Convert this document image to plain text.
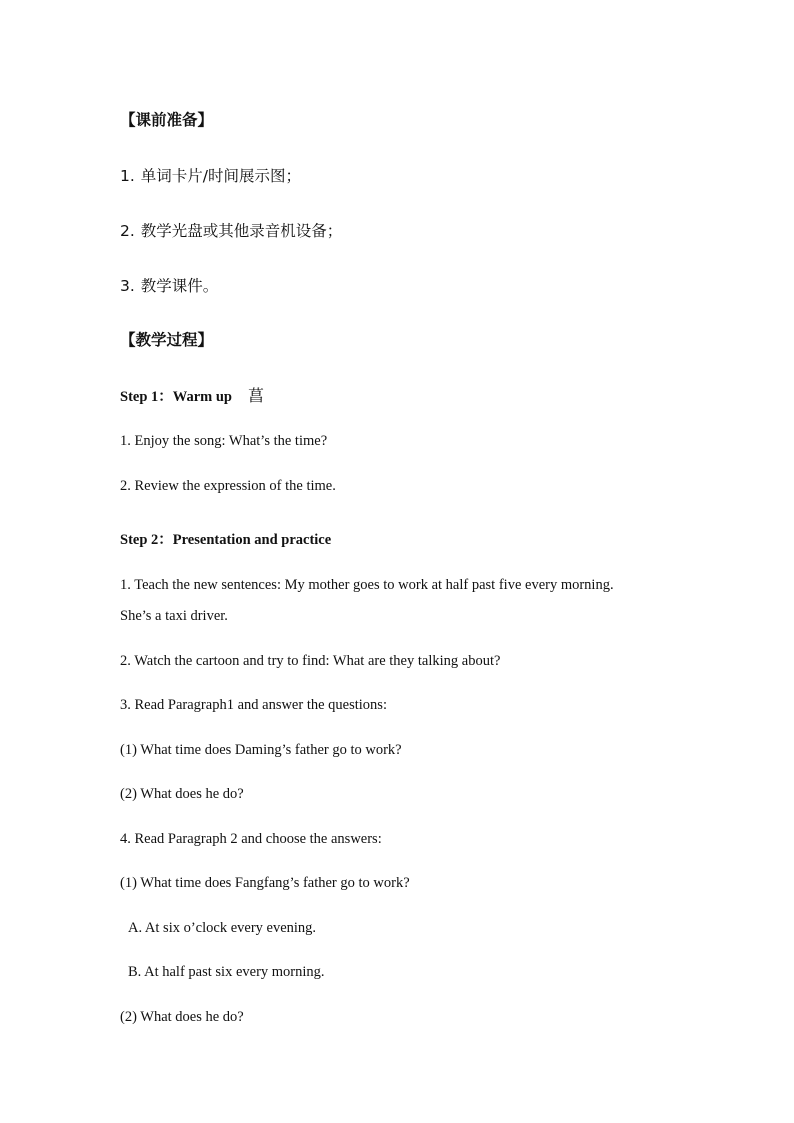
【课前准备】
1. 单词卡片/时间展示图；
2. 教学光盘或其他录音机设备；
3. 教学课件。
【教学过程】
Step 1：Warm up 菖
1. Enjoy the song: What’s the time?
2. Review the expression of the time.
Step 2：Presentation and practice
1. Teach the new sentences: My mother goes to work at half past five every morning.
She’s a taxi driver.
2. Watch the cartoon and try to find: What are they talking about?
3. Read Paragraph1 and answer the questions:
(1) What time does Daming’s father go to work?
(2) What does he do?
4. Read Paragraph 2 and choose the answers:
(1) What time does Fangfang’s father go to work?
A. At six o’clock every evening.
B. At half past six every morning.
(2) What does he do?
